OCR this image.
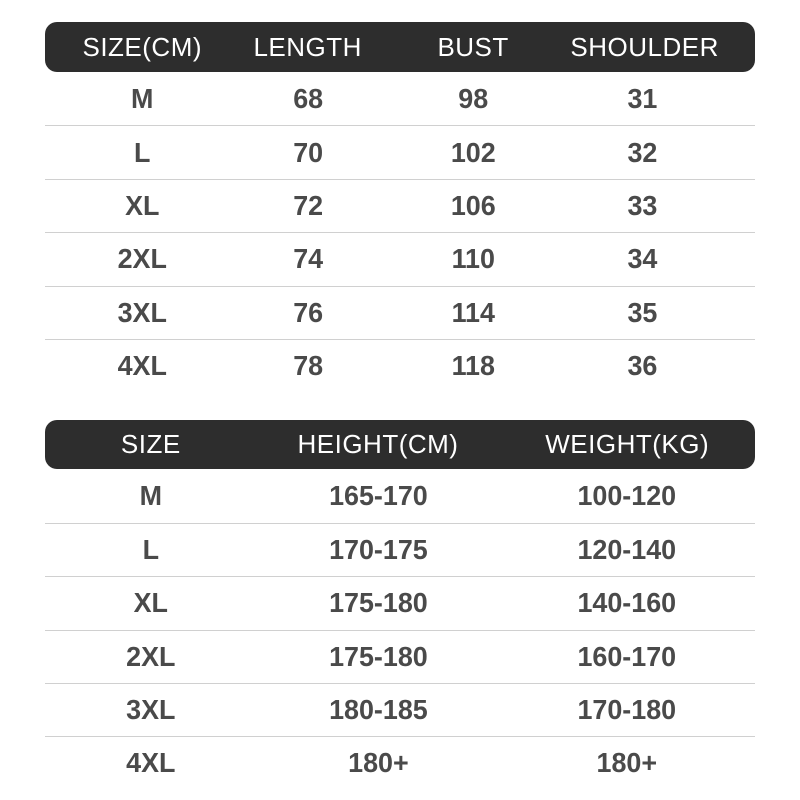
SIZE(CM)	LENGTH	BUST	SHOULDER
M	68	98	31
L	70	102	32
XL	72	106	33
2XL	74	110	34
3XL	76	114	35
4XL	78	118	36
SIZE	HEIGHT(CM)	WEIGHT(KG)
M	165-170	100-120
L	170-175	120-140
XL	175-180	140-160
2XL	175-180	160-170
3XL	180-185	170-180
4XL	180+	180+
